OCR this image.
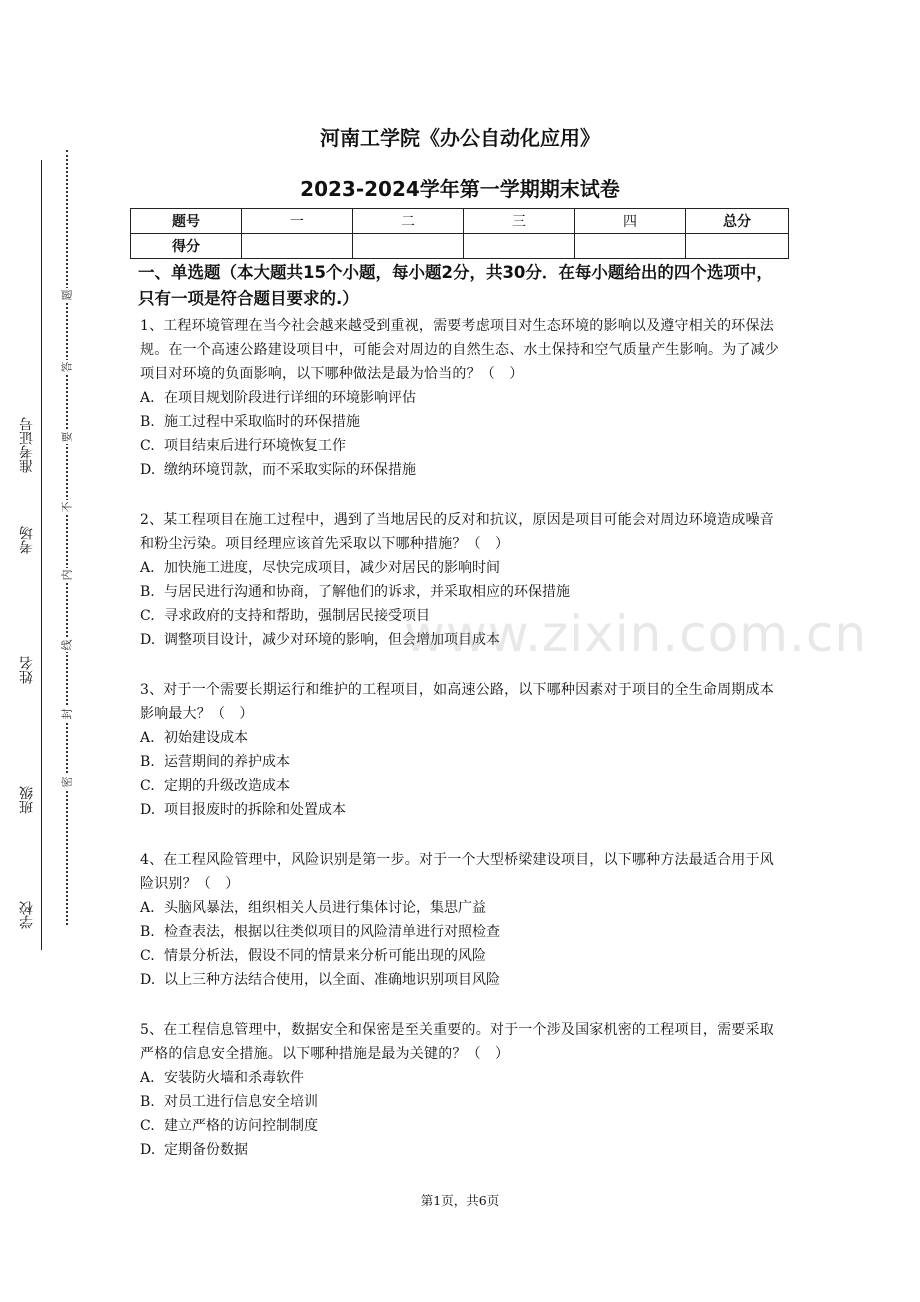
准考证号
考场
姓名
班级
学校
题
答
要
不
内
线
封
密
河南工学院《办公自动化应用》
2023-2024学年第一学期期末试卷
题号	一	二	三	四	总分
得分					
一、单选题（本大题共15个小题，每小题2分，共30分．在每小题给出的四个选项中，只有一项是符合题目要求的.）
1、工程环境管理在当今社会越来越受到重视，需要考虑项目对生态环境的影响以及遵守相关的环保法规。在一个高速公路建设项目中，可能会对周边的自然生态、水土保持和空气质量产生影响。为了减少项目对环境的负面影响，以下哪种做法是最为恰当的？（　）
A. 在项目规划阶段进行详细的环境影响评估
B. 施工过程中采取临时的环保措施
C. 项目结束后进行环境恢复工作
D. 缴纳环境罚款，而不采取实际的环保措施
2、某工程项目在施工过程中，遇到了当地居民的反对和抗议，原因是项目可能会对周边环境造成噪音和粉尘污染。项目经理应该首先采取以下哪种措施？（　）
A. 加快施工进度，尽快完成项目，减少对居民的影响时间
B. 与居民进行沟通和协商，了解他们的诉求，并采取相应的环保措施
C. 寻求政府的支持和帮助，强制居民接受项目
D. 调整项目设计，减少对环境的影响，但会增加项目成本
3、对于一个需要长期运行和维护的工程项目，如高速公路，以下哪种因素对于项目的全生命周期成本影响最大？（　）
A. 初始建设成本
B. 运营期间的养护成本
C. 定期的升级改造成本
D. 项目报废时的拆除和处置成本
4、在工程风险管理中，风险识别是第一步。对于一个大型桥梁建设项目，以下哪种方法最适合用于风险识别？（　）
A. 头脑风暴法，组织相关人员进行集体讨论，集思广益
B. 检查表法，根据以往类似项目的风险清单进行对照检查
C. 情景分析法，假设不同的情景来分析可能出现的风险
D. 以上三种方法结合使用，以全面、准确地识别项目风险
5、在工程信息管理中，数据安全和保密是至关重要的。对于一个涉及国家机密的工程项目，需要采取严格的信息安全措施。以下哪种措施是最为关键的？（　）
A. 安装防火墙和杀毒软件
B. 对员工进行信息安全培训
C. 建立严格的访问控制制度
D. 定期备份数据
www.zixin.com.cn
第1页，共6页
